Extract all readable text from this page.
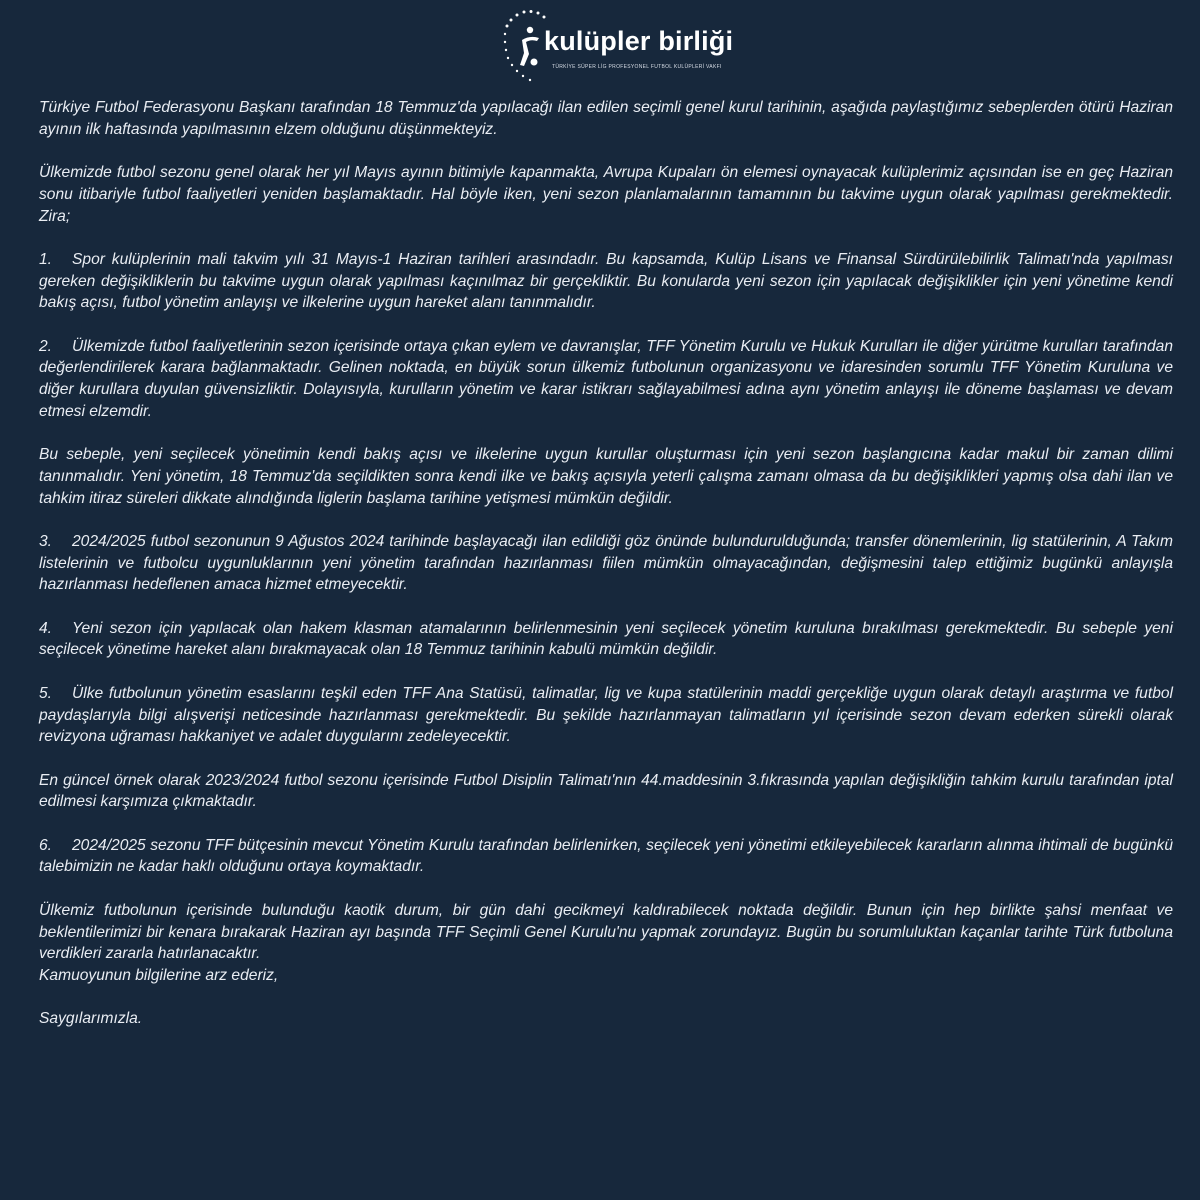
kulüpler birliği
TÜRKİYE SÜPER LİG PROFESYONEL FUTBOL KULÜPLERİ VAKFI

Türkiye Futbol Federasyonu Başkanı tarafından 18 Temmuz'da yapılacağı ilan edilen seçimli genel kurul tarihinin, aşağıda paylaştığımız sebeplerden ötürü Haziran ayının ilk haftasında yapılmasının elzem olduğunu düşünmekteyiz.

Ülkemizde futbol sezonu genel olarak her yıl Mayıs ayının bitimiyle kapanmakta, Avrupa Kupaları ön elemesi oynayacak kulüplerimiz açısından ise en geç Haziran sonu itibariyle futbol faaliyetleri yeniden başlamaktadır. Hal böyle iken, yeni sezon planlamalarının tamamının bu takvime uygun olarak yapılması gerekmektedir. Zira;

1. Spor kulüplerinin mali takvim yılı 31 Mayıs-1 Haziran tarihleri arasındadır. Bu kapsamda, Kulüp Lisans ve Finansal Sürdürülebilirlik Talimatı'nda yapılması gereken değişikliklerin bu takvime uygun olarak yapılması kaçınılmaz bir gerçekliktir. Bu konularda yeni sezon için yapılacak değişiklikler için yeni yönetime kendi bakış açısı, futbol yönetim anlayışı ve ilkelerine uygun hareket alanı tanınmalıdır.

2. Ülkemizde futbol faaliyetlerinin sezon içerisinde ortaya çıkan eylem ve davranışlar, TFF Yönetim Kurulu ve Hukuk Kurulları ile diğer yürütme kurulları tarafından değerlendirilerek karara bağlanmaktadır. Gelinen noktada, en büyük sorun ülkemiz futbolunun organizasyonu ve idaresinden sorumlu TFF Yönetim Kuruluna ve diğer kurullara duyulan güvensizliktir. Dolayısıyla, kurulların yönetim ve karar istikrarı sağlayabilmesi adına aynı yönetim anlayışı ile döneme başlaması ve devam etmesi elzemdir.

Bu sebeple, yeni seçilecek yönetimin kendi bakış açısı ve ilkelerine uygun kurullar oluşturması için yeni sezon başlangıcına kadar makul bir zaman dilimi tanınmalıdır. Yeni yönetim, 18 Temmuz'da seçildikten sonra kendi ilke ve bakış açısıyla yeterli çalışma zamanı olmasa da bu değişiklikleri yapmış olsa dahi ilan ve tahkim itiraz süreleri dikkate alındığında liglerin başlama tarihine yetişmesi mümkün değildir.

3. 2024/2025 futbol sezonunun 9 Ağustos 2024 tarihinde başlayacağı ilan edildiği göz önünde bulundurulduğunda; transfer dönemlerinin, lig statülerinin, A Takım listelerinin ve futbolcu uygunluklarının yeni yönetim tarafından hazırlanması fiilen mümkün olmayacağından, değişmesini talep ettiğimiz bugünkü anlayışla hazırlanması hedeflenen amaca hizmet etmeyecektir.

4. Yeni sezon için yapılacak olan hakem klasman atamalarının belirlenmesinin yeni seçilecek yönetim kuruluna bırakılması gerekmektedir. Bu sebeple yeni seçilecek yönetime hareket alanı bırakmayacak olan 18 Temmuz tarihinin kabulü mümkün değildir.

5. Ülke futbolunun yönetim esaslarını teşkil eden TFF Ana Statüsü, talimatlar, lig ve kupa statülerinin maddi gerçekliğe uygun olarak detaylı araştırma ve futbol paydaşlarıyla bilgi alışverişi neticesinde hazırlanması gerekmektedir. Bu şekilde hazırlanmayan talimatların yıl içerisinde sezon devam ederken sürekli olarak revizyona uğraması hakkaniyet ve adalet duygularını zedeleyecektir.

En güncel örnek olarak 2023/2024 futbol sezonu içerisinde Futbol Disiplin Talimatı'nın 44.maddesinin 3.fıkrasında yapılan değişikliğin tahkim kurulu tarafından iptal edilmesi karşımıza çıkmaktadır.

6. 2024/2025 sezonu TFF bütçesinin mevcut Yönetim Kurulu tarafından belirlenirken, seçilecek yeni yönetimi etkileyebilecek kararların alınma ihtimali de bugünkü talebimizin ne kadar haklı olduğunu ortaya koymaktadır.

Ülkemiz futbolunun içerisinde bulunduğu kaotik durum, bir gün dahi gecikmeyi kaldırabilecek noktada değildir. Bunun için hep birlikte şahsi menfaat ve beklentilerimizi bir kenara bırakarak Haziran ayı başında TFF Seçimli Genel Kurulu'nu yapmak zorundayız. Bugün bu sorumluluktan kaçanlar tarihte Türk futboluna verdikleri zararla hatırlanacaktır.

Kamuoyunun bilgilerine arz ederiz,

Saygılarımızla.
